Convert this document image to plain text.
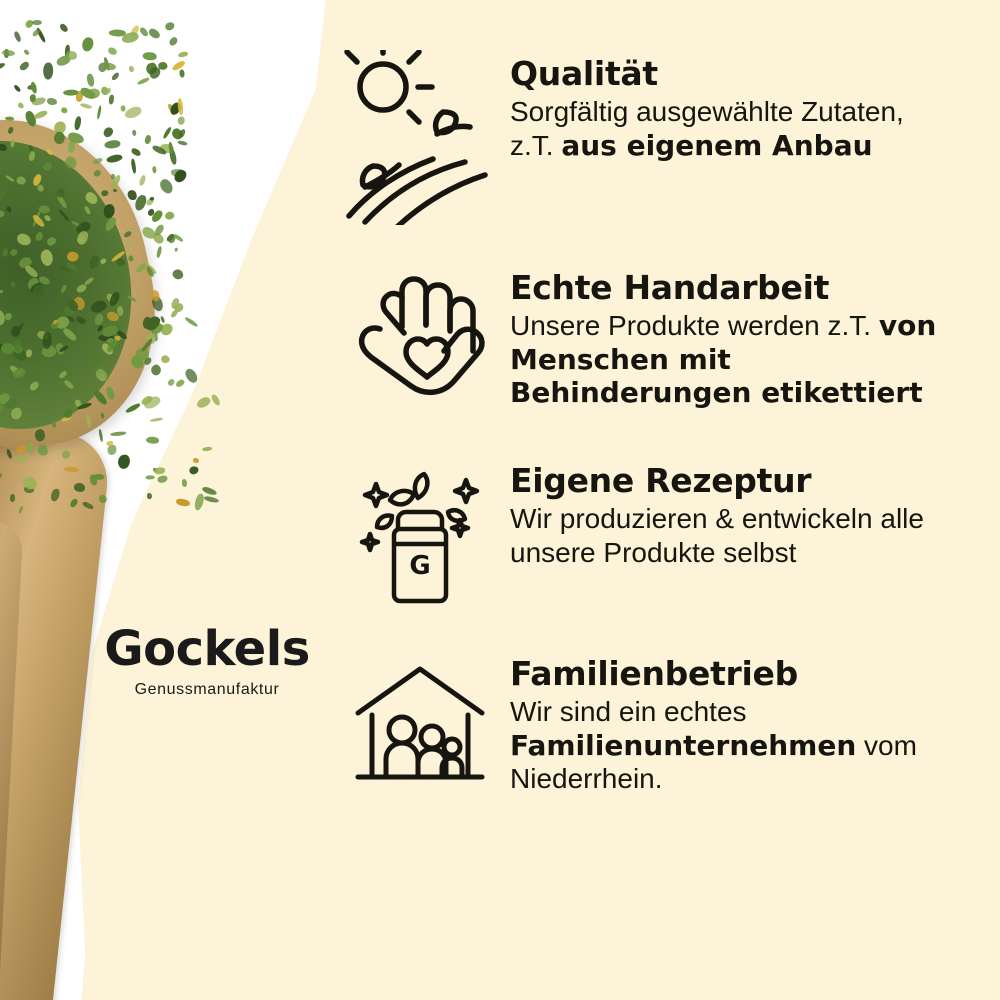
Gockels
Genussmanufaktur
Qualität

Sorgfältig ausgewählte Zutaten, z.T. aus eigenem Anbau

Echte Handarbeit

Unsere Produkte werden z.T. von Menschen mit Behinderungen etikettiert

G
Eigene Rezeptur

Wir produzieren & entwickeln alle unsere Produkte selbst

Familienbetrieb

Wir sind ein echtes Familienunternehmen vom Niederrhein.
